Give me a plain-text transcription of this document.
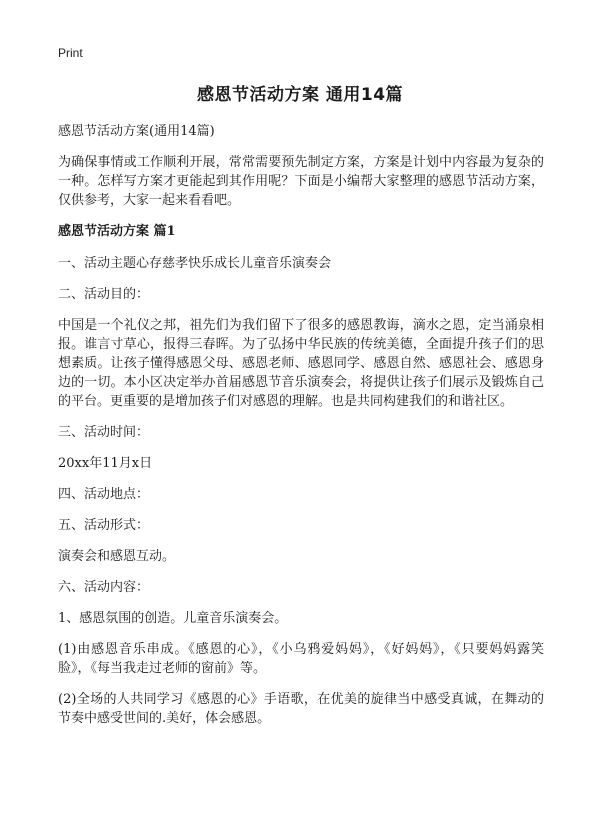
Print
感恩节活动方案 通用14篇

感恩节活动方案(通用14篇)

为确保事情或工作顺利开展，常常需要预先制定方案，方案是计划中内容最为复杂的一种。怎样写方案才更能起到其作用呢？下面是小编帮大家整理的感恩节活动方案，仅供参考，大家一起来看看吧。

感恩节活动方案 篇1

一、活动主题心存慈孝快乐成长儿童音乐演奏会

二、活动目的：

中国是一个礼仪之邦，祖先们为我们留下了很多的感恩教诲，滴水之恩，定当涌泉相报。谁言寸草心，报得三春晖。为了弘扬中华民族的传统美德，全面提升孩子们的思想素质。让孩子懂得感恩父母、感恩老师、感恩同学、感恩自然、感恩社会、感恩身边的一切。本小区决定举办首届感恩节音乐演奏会，将提供让孩子们展示及锻炼自己的平台。更重要的是增加孩子们对感恩的理解。也是共同构建我们的和谐社区。

三、活动时间：

20xx年11月x日

四、活动地点：

五、活动形式：

演奏会和感恩互动。

六、活动内容：

1、感恩氛围的创造。儿童音乐演奏会。

(1)由感恩音乐串成。《感恩的心》，《小乌鸦爱妈妈》，《好妈妈》，《只要妈妈露笑脸》，《每当我走过老师的窗前》等。

(2)全场的人共同学习《感恩的心》手语歌，在优美的旋律当中感受真诚，在舞动的节奏中感受世间的.美好，体会感恩。
